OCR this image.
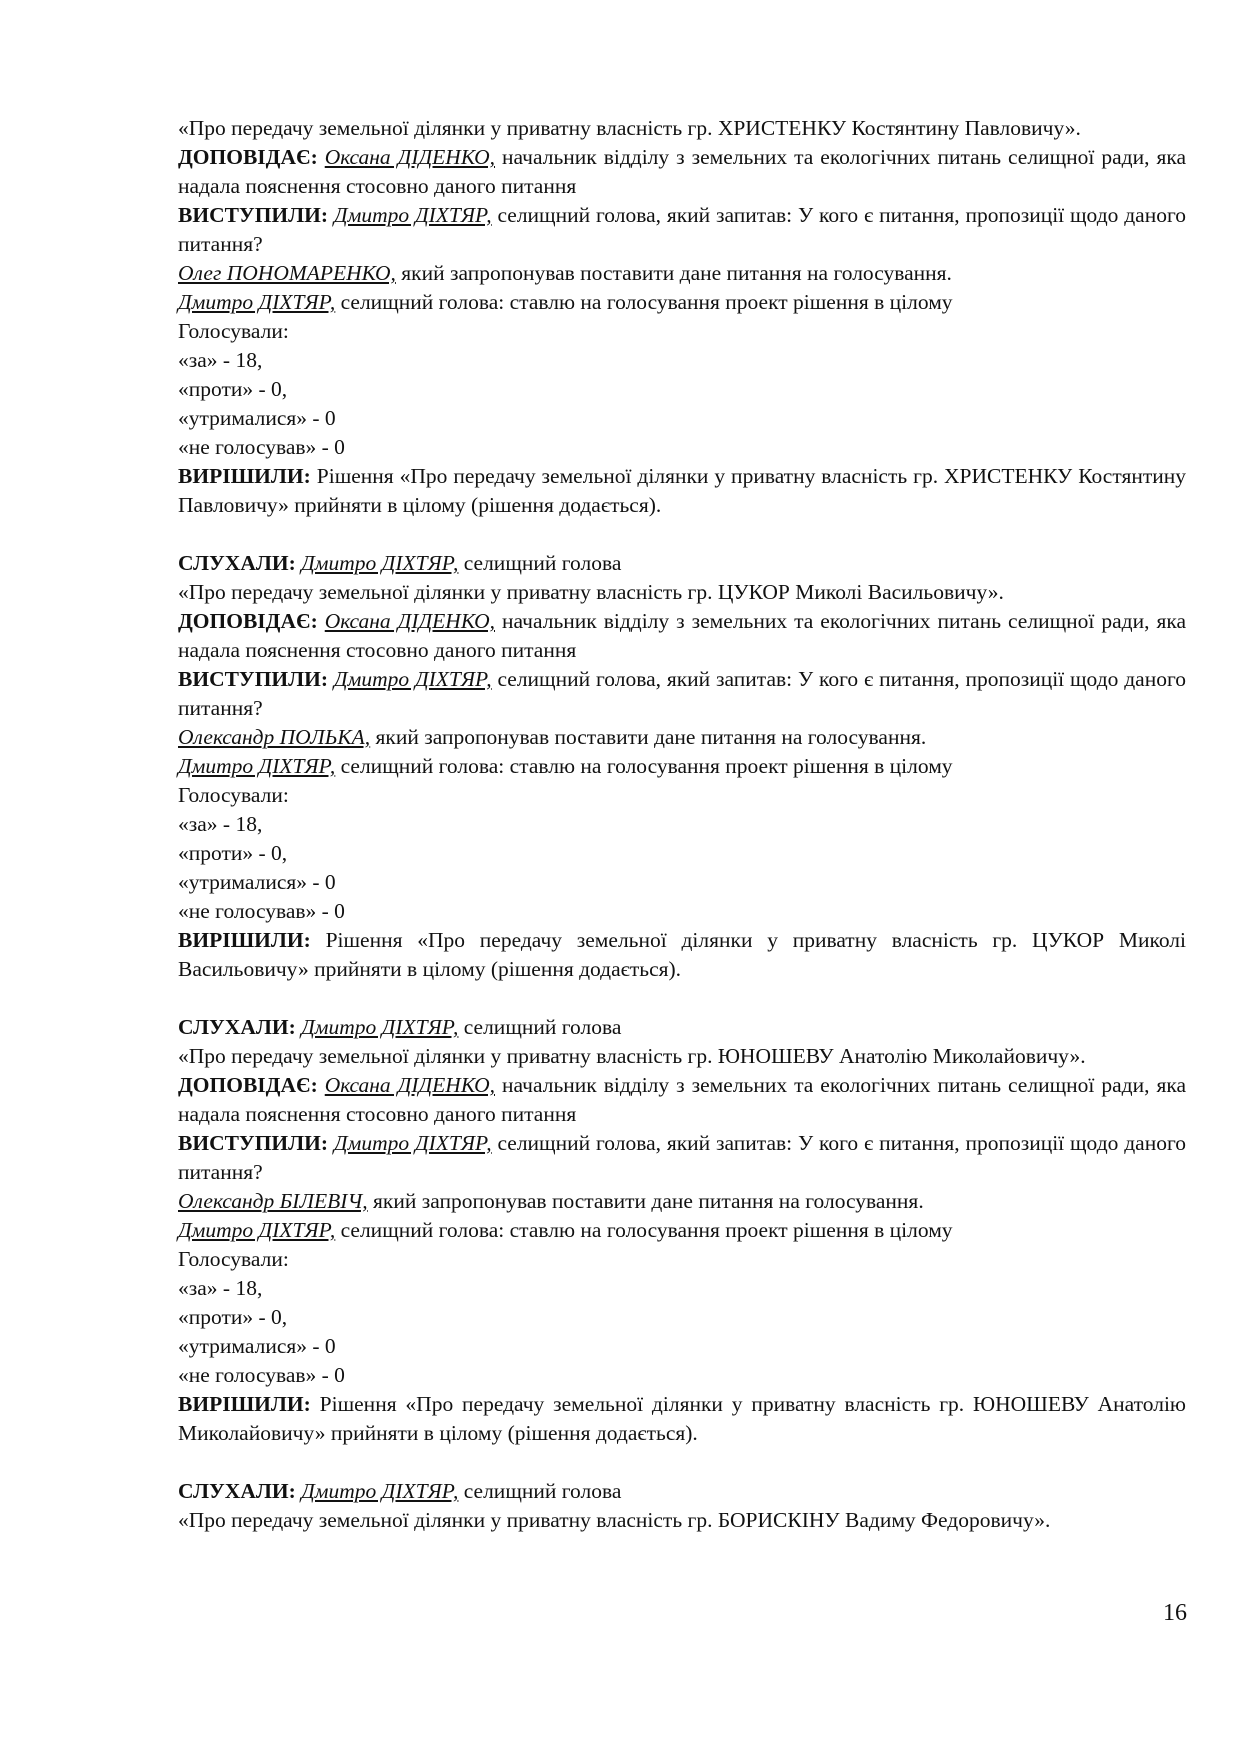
«Про передачу земельної ділянки у приватну власність гр. ХРИСТЕНКУ Костянтину Павловичу».

ДОПОВІДАЄ: Оксана ДІДЕНКО, начальник відділу з земельних та екологічних питань селищної ради, яка надала пояснення стосовно даного питання

ВИСТУПИЛИ: Дмитро ДІХТЯР, селищний голова, який запитав: У кого є питання, пропозиції щодо даного питання?

Олег ПОНОМАРЕНКО, який запропонував поставити дане питання на голосування.

Дмитро ДІХТЯР, селищний голова: ставлю на голосування проект рішення в цілому

Голосували:

«за» - 18,

«проти» - 0,

«утрималися» - 0

«не голосував» - 0

ВИРІШИЛИ: Рішення «Про передачу земельної ділянки у приватну власність гр. ХРИСТЕНКУ Костянтину Павловичу» прийняти в цілому (рішення додається).

СЛУХАЛИ: Дмитро ДІХТЯР, селищний голова

«Про передачу земельної ділянки у приватну власність гр. ЦУКОР Миколі Васильовичу».

ДОПОВІДАЄ: Оксана ДІДЕНКО, начальник відділу з земельних та екологічних питань селищної ради, яка надала пояснення стосовно даного питання

ВИСТУПИЛИ: Дмитро ДІХТЯР, селищний голова, який запитав: У кого є питання, пропозиції щодо даного питання?

Олександр ПОЛЬКА, який запропонував поставити дане питання на голосування.

Дмитро ДІХТЯР, селищний голова: ставлю на голосування проект рішення в цілому

Голосували:

«за» - 18,

«проти» - 0,

«утрималися» - 0

«не голосував» - 0

ВИРІШИЛИ: Рішення «Про передачу земельної ділянки у приватну власність гр. ЦУКОР Миколі Васильовичу» прийняти в цілому (рішення додається).

СЛУХАЛИ: Дмитро ДІХТЯР, селищний голова

«Про передачу земельної ділянки у приватну власність гр. ЮНОШЕВУ Анатолію Миколайовичу».

ДОПОВІДАЄ: Оксана ДІДЕНКО, начальник відділу з земельних та екологічних питань селищної ради, яка надала пояснення стосовно даного питання

ВИСТУПИЛИ: Дмитро ДІХТЯР, селищний голова, який запитав: У кого є питання, пропозиції щодо даного питання?

Олександр БІЛЕВІЧ, який запропонував поставити дане питання на голосування.

Дмитро ДІХТЯР, селищний голова: ставлю на голосування проект рішення в цілому

Голосували:

«за» - 18,

«проти» - 0,

«утрималися» - 0

«не голосував» - 0

ВИРІШИЛИ: Рішення «Про передачу земельної ділянки у приватну власність гр. ЮНОШЕВУ Анатолію Миколайовичу» прийняти в цілому (рішення додається).

СЛУХАЛИ: Дмитро ДІХТЯР, селищний голова

«Про передачу земельної ділянки у приватну власність гр. БОРИСКІНУ Вадиму Федоровичу».

16
